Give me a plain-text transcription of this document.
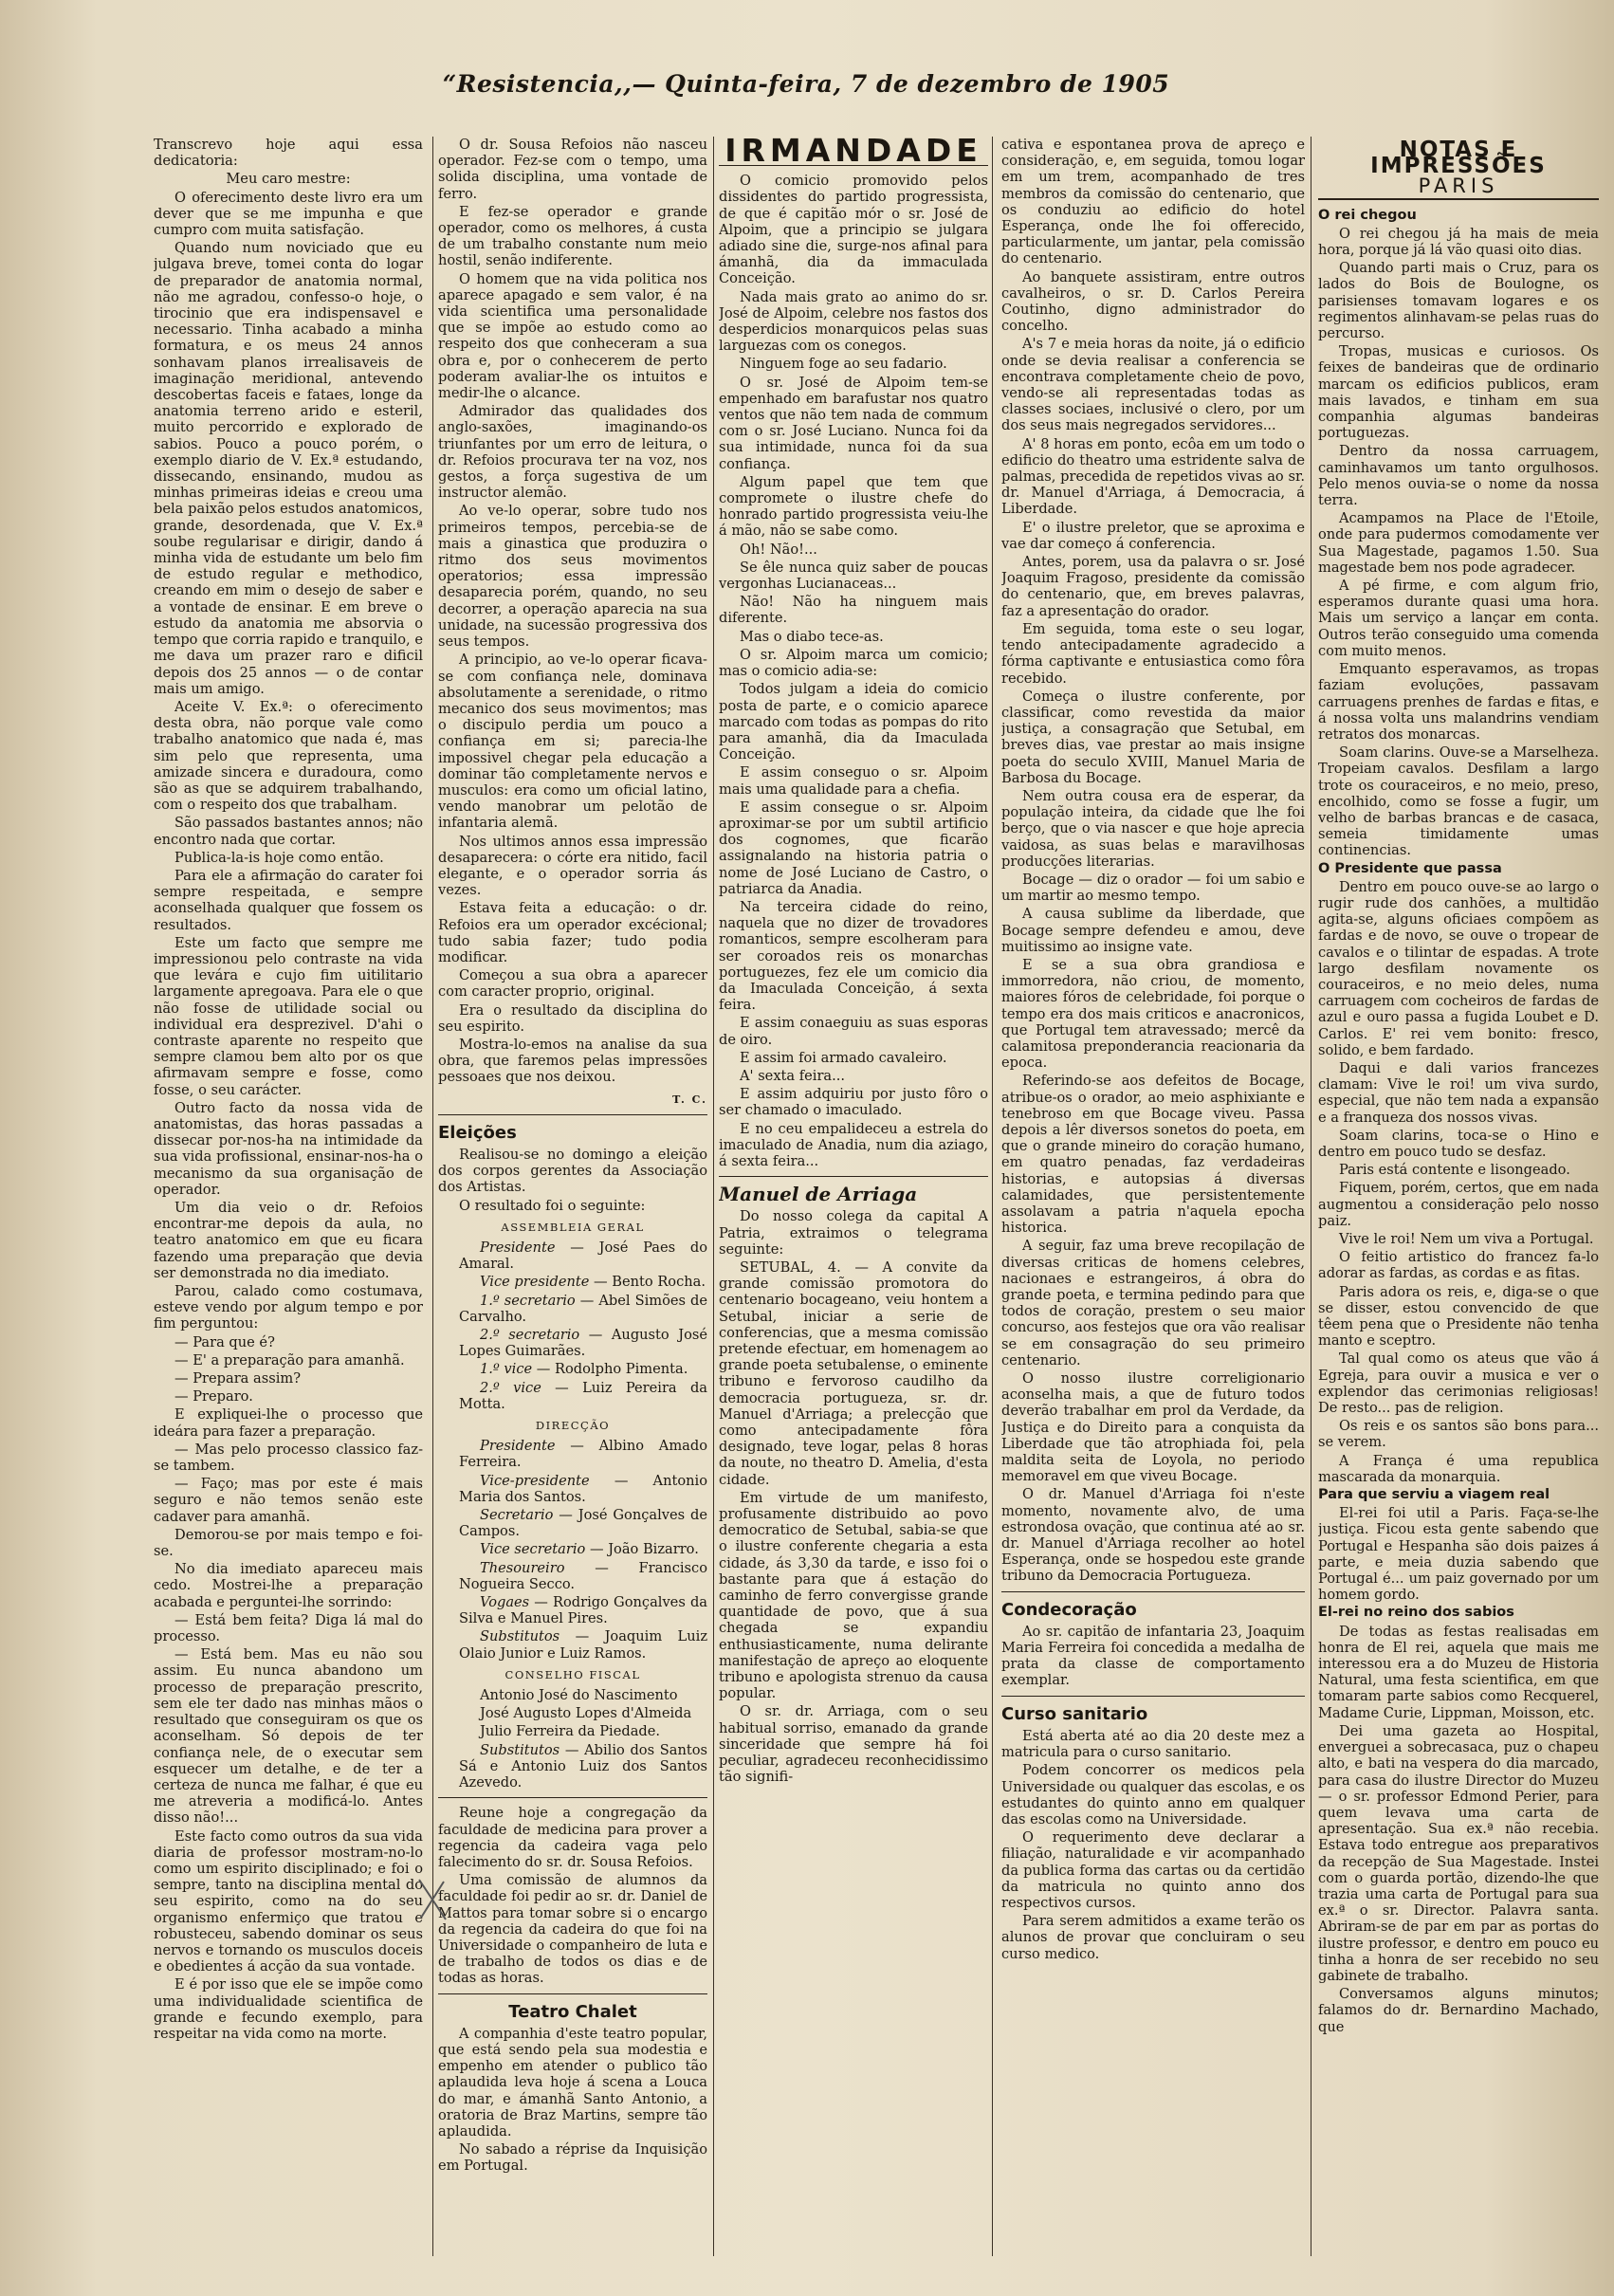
“Resistencia,,— Quinta-feira, 7 de dezembro de 1905

Transcrevo hoje aqui essa dedicatoria:

Meu caro mestre:

O oferecimento deste livro era um dever que se me impunha e que cumpro com muita satisfação.

Quando num noviciado que eu julgava breve, tomei conta do logar de preparador de anatomia normal, não me agradou, confesso-o hoje, o tirocinio que era indispensavel e necessario. Tinha acabado a minha formatura, e os meus 24 annos sonhavam planos irrealisaveis de imaginação meridional, antevendo descobertas faceis e fataes, longe da anatomia terreno arido e esteril, muito percorrido e explorado de sabios. Pouco a pouco porém, o exemplo diario de V. Ex.ª estudando, dissecando, ensinando, mudou as minhas primeiras ideias e creou uma bela paixão pelos estudos anatomicos, grande, desordenada, que V. Ex.ª soube regularisar e dirigir, dando á minha vida de estudante um belo fim de estudo regular e methodico, creando em mim o desejo de saber e a vontade de ensinar. E em breve o estudo da anatomia me absorvia o tempo que corria rapido e tranquilo, e me dava um prazer raro e dificil depois dos 25 annos — o de contar mais um amigo.

Aceite V. Ex.ª: o oferecimento desta obra, não porque vale como trabalho anatomico que nada é, mas sim pelo que representa, uma amizade sincera e duradoura, como são as que se adquirem trabalhando, com o respeito dos que trabalham.

São passados bastantes annos; não encontro nada que cortar.

Publica-la-is hoje como então.

Para ele a afirmação do carater foi sempre respeitada, e sempre aconselhada qualquer que fossem os resultados.

Este um facto que sempre me impressionou pelo contraste na vida que levára e cujo fim uitilitario largamente apregoava. Para ele o que não fosse de utilidade social ou individual era desprezivel. D'ahi o contraste aparente no respeito que sempre clamou bem alto por os que afirmavam sempre e fosse, como fosse, o seu carácter.

Outro facto da nossa vida de anatomistas, das horas passadas a dissecar por-nos-ha na intimidade da sua vida profissional, ensinar-nos-ha o mecanismo da sua organisação de operador.

Um dia veio o dr. Refoios encontrar-me depois da aula, no teatro anatomico em que eu ficara fazendo uma preparação que devia ser demonstrada no dia imediato.

Parou, calado como costumava, esteve vendo por algum tempo e por fim perguntou:

— Para que é?

— E' a preparação para amanhã.

— Prepara assim?

— Preparo.

E expliquei-lhe o processo que ideára para fazer a preparação.

— Mas pelo processo classico faz-se tambem.

— Faço; mas por este é mais seguro e não temos senão este cadaver para amanhã.

Demorou-se por mais tempo e foi-se.

No dia imediato apareceu mais cedo. Mostrei-lhe a preparação acabada e perguntei-lhe sorrindo:

— Está bem feita? Diga lá mal do processo.

— Está bem. Mas eu não sou assim. Eu nunca abandono um processo de preparação prescrito, sem ele ter dado nas minhas mãos o resultado que conseguiram os que os aconselham. Só depois de ter confiança nele, de o executar sem esquecer um detalhe, e de ter a certeza de nunca me falhar, é que eu me atreveria a modificá-lo. Antes disso não!...

Este facto como outros da sua vida diaria de professor mostram-no-lo como um espirito disciplinado; e foi o sempre, tanto na disciplina mental do seu espirito, como na do seu organismo enfermiço que tratou e robusteceu, sabendo dominar os seus nervos e tornando os musculos doceis e obedientes á acção da sua vontade.

E é por isso que ele se impõe como uma individualidade scientifica de grande e fecundo exemplo, para respeitar na vida como na morte.

O dr. Sousa Refoios não nasceu operador. Fez-se com o tempo, uma solida disciplina, uma vontade de ferro.

E fez-se operador e grande operador, como os melhores, á custa de um trabalho constante num meio hostil, senão indiferente.

O homem que na vida politica nos aparece apagado e sem valor, é na vida scientifica uma personalidade que se impõe ao estudo como ao respeito dos que conheceram a sua obra e, por o conhecerem de perto poderam avaliar-lhe os intuitos e medir-lhe o alcance.

Admirador das qualidades dos anglo-saxões, imaginando-os triunfantes por um erro de leitura, o dr. Refoios procurava ter na voz, nos gestos, a força sugestiva de um instructor alemão.

Ao ve-lo operar, sobre tudo nos primeiros tempos, percebia-se de mais a ginastica que produzira o ritmo dos seus movimentos operatorios; essa impressão desaparecia porém, quando, no seu decorrer, a operação aparecia na sua unidade, na sucessão progressiva dos seus tempos.

A principio, ao ve-lo operar ficava-se com confiança nele, dominava absolutamente a serenidade, o ritmo mecanico dos seus movimentos; mas o discipulo perdia um pouco a confiança em si; parecia-lhe impossivel chegar pela educação a dominar tão completamente nervos e musculos: era como um oficial latino, vendo manobrar um pelotão de infantaria alemã.

Nos ultimos annos essa impressão desaparecera: o córte era nitido, facil elegante, e o operador sorria ás vezes.

Estava feita a educação: o dr. Refoios era um operador excécional; tudo sabia fazer; tudo podia modificar.

Começou a sua obra a aparecer com caracter proprio, original.

Era o resultado da disciplina do seu espirito.

Mostra-lo-emos na analise da sua obra, que faremos pelas impressões pessoaes que nos deixou.

T. C.

Eleições

Realisou-se no domingo a eleição dos corpos gerentes da Associação dos Artistas.

O resultado foi o seguinte:

ASSEMBLEIA GERAL

Presidente — José Paes do Amaral.

Vice presidente — Bento Rocha.

1.º secretario — Abel Simões de Carvalho.

2.º secretario — Augusto José Lopes Guimarães.

1.º vice — Rodolpho Pimenta.

2.º vice — Luiz Pereira da Motta.

DIRECÇÃO

Presidente — Albino Amado Ferreira.

Vice-presidente — Antonio Maria dos Santos.

Secretario — José Gonçalves de Campos.

Vice secretario — João Bizarro.

Thesoureiro — Francisco Nogueira Secco.

Vogaes — Rodrigo Gonçalves da Silva e Manuel Pires.

Substitutos — Joaquim Luiz Olaio Junior e Luiz Ramos.

CONSELHO FISCAL

Antonio José do Nascimento

José Augusto Lopes d'Almeida

Julio Ferreira da Piedade.

Substitutos — Abilio dos Santos Sá e Antonio Luiz dos Santos Azevedo.

Reune hoje a congregação da faculdade de medicina para prover a regencia da cadeira vaga pelo falecimento do sr. dr. Sousa Refoios.

Uma comissão de alumnos da faculdade foi pedir ao sr. dr. Daniel de Mattos para tomar sobre si o encargo da regencia da cadeira do que foi na Universidade o companheiro de luta e de trabalho de todos os dias e de todas as horas.

Teatro Chalet

A companhia d'este teatro popular, que está sendo pela sua modestia e empenho em atender o publico tão aplaudida leva hoje á scena a Louca do mar, e ámanhã Santo Antonio, a oratoria de Braz Martins, sempre tão aplaudida.

No sabado a réprise da Inquisição em Portugal.

IRMANDADE

O comicio promovido pelos dissidentes do partido progressista, de que é capitão mór o sr. José de Alpoim, que a principio se julgara adiado sine die, surge-nos afinal para ámanhã, dia da immaculada Conceição.

Nada mais grato ao animo do sr. José de Alpoim, celebre nos fastos dos desperdicios monarquicos pelas suas larguezas com os conegos.

Ninguem foge ao seu fadario.

O sr. José de Alpoim tem-se empenhado em barafustar nos quatro ventos que não tem nada de commum com o sr. José Luciano. Nunca foi da sua intimidade, nunca foi da sua confiança.

Algum papel que tem que compromete o ilustre chefe do honrado partido progressista veiu-lhe á mão, não se sabe como.

Oh! Não!...

Se êle nunca quiz saber de poucas vergonhas Lucianaceas...

Não! Não ha ninguem mais diferente.

Mas o diabo tece-as.

O sr. Alpoim marca um comicio; mas o comicio adia-se:

Todos julgam a ideia do comicio posta de parte, e o comicio aparece marcado com todas as pompas do rito para amanhã, dia da Imaculada Conceição.

E assim conseguo o sr. Alpoim mais uma qualidade para a chefia.

E assim consegue o sr. Alpoim aproximar-se por um subtil artificio dos cognomes, que ficarão assignalando na historia patria o nome de José Luciano de Castro, o patriarca da Anadia.

Na terceira cidade do reino, naquela que no dizer de trovadores romanticos, sempre escolheram para ser coroados reis os monarchas portuguezes, fez ele um comicio dia da Imaculada Conceição, á sexta feira.

E assim conaeguiu as suas esporas de oiro.

E assim foi armado cavaleiro.

A' sexta feira...

E assim adquiriu por justo fôro o ser chamado o imaculado.

E no ceu empalideceu a estrela do imaculado de Anadia, num dia aziago, á sexta feira...

Manuel de Arriaga

Do nosso colega da capital A Patria, extraimos o telegrama seguinte:

SETUBAL, 4. — A convite da grande comissão promotora do centenario bocageano, veiu hontem a Setubal, iniciar a serie de conferencias, que a mesma comissão pretende efectuar, em homenagem ao grande poeta setubalense, o eminente tribuno e fervoroso caudilho da democracia portugueza, sr. dr. Manuel d'Arriaga; a prelecção que como antecipadamente fôra designado, teve logar, pelas 8 horas da noute, no theatro D. Amelia, d'esta cidade.

Em virtude de um manifesto, profusamente distribuido ao povo democratico de Setubal, sabia-se que o ilustre conferente chegaria a esta cidade, ás 3,30 da tarde, e isso foi o bastante para que á estação do caminho de ferro convergisse grande quantidade de povo, que á sua chegada se expandiu enthusiasticamente, numa delirante manifestação de apreço ao eloquente tribuno e apologista strenuo da causa popular.

O sr. dr. Arriaga, com o seu habitual sorriso, emanado da grande sinceridade que sempre há foi peculiar, agradeceu reconhecidissimo tão signifi-

cativa e espontanea prova de apreço e consideração, e, em seguida, tomou logar em um trem, acompanhado de tres membros da comissão do centenario, que os conduziu ao edificio do hotel Esperança, onde lhe foi offerecido, particularmente, um jantar, pela comissão do centenario.

Ao banquete assistiram, entre outros cavalheiros, o sr. D. Carlos Pereira Coutinho, digno administrador do concelho.

A's 7 e meia horas da noite, já o edificio onde se devia realisar a conferencia se encontrava completamente cheio de povo, vendo-se ali representadas todas as classes sociaes, inclusivé o clero, por um dos seus mais negregados servidores...

A' 8 horas em ponto, ecôa em um todo o edificio do theatro uma estridente salva de palmas, precedida de repetidos vivas ao sr. dr. Manuel d'Arriaga, á Democracia, á Liberdade.

E' o ilustre preletor, que se aproxima e vae dar começo á conferencia.

Antes, porem, usa da palavra o sr. José Joaquim Fragoso, presidente da comissão do centenario, que, em breves palavras, faz a apresentação do orador.

Em seguida, toma este o seu logar, tendo antecipadamente agradecido a fórma captivante e entusiastica como fôra recebido.

Começa o ilustre conferente, por classificar, como revestida da maior justiça, a consagração que Setubal, em breves dias, vae prestar ao mais insigne poeta do seculo XVIII, Manuel Maria de Barbosa du Bocage.

Nem outra cousa era de esperar, da população inteira, da cidade que lhe foi berço, que o via nascer e que hoje aprecia vaidosa, as suas belas e maravilhosas producções literarias.

Bocage — diz o orador — foi um sabio e um martir ao mesmo tempo.

A causa sublime da liberdade, que Bocage sempre defendeu e amou, deve muitissimo ao insigne vate.

E se a sua obra grandiosa e immorredora, não criou, de momento, maiores fóros de celebridade, foi porque o tempo era dos mais criticos e anacronicos, que Portugal tem atravessado; mercê da calamitosa preponderancia reacionaria da epoca.

Referindo-se aos defeitos de Bocage, atribue-os o orador, ao meio asphixiante e tenebroso em que Bocage viveu. Passa depois a lêr diversos sonetos do poeta, em que o grande mineiro do coração humano, em quatro penadas, faz verdadeiras historias, e autopsias á diversas calamidades, que persistentemente assolavam a patria n'aquela epocha historica.

A seguir, faz uma breve recopilação de diversas criticas de homens celebres, nacionaes e estrangeiros, á obra do grande poeta, e termina pedindo para que todos de coração, prestem o seu maior concurso, aos festejos que ora vão realisar se em consagração do seu primeiro centenario.

O nosso ilustre correligionario aconselha mais, a que de futuro todos deverão trabalhar em prol da Verdade, da Justiça e do Direito para a conquista da Liberdade que tão atrophiada foi, pela maldita seita de Loyola, no periodo memoravel em que viveu Bocage.

O dr. Manuel d'Arriaga foi n'este momento, novamente alvo, de uma estrondosa ovação, que continua até ao sr. dr. Manuel d'Arriaga recolher ao hotel Esperança, onde se hospedou este grande tribuno da Democracia Portugueza.

Condecoração

Ao sr. capitão de infantaria 23, Joaquim Maria Ferreira foi concedida a medalha de prata da classe de comportamento exemplar.

Curso sanitario

Está aberta até ao dia 20 deste mez a matricula para o curso sanitario.

Podem concorrer os medicos pela Universidade ou qualquer das escolas, e os estudantes do quinto anno em qualquer das escolas como na Universidade.

O requerimento deve declarar a filiação, naturalidade e vir acompanhado da publica forma das cartas ou da certidão da matricula no quinto anno dos respectivos cursos.

Para serem admitidos a exame terão os alunos de provar que concluiram o seu curso medico.

NOTAS E IMPRESSÕES
PARIS

O rei chegou

O rei chegou já ha mais de meia hora, porque já lá vão quasi oito dias.

Quando parti mais o Cruz, para os lados do Bois de Boulogne, os parisienses tomavam logares e os regimentos alinhavam-se pelas ruas do percurso.

Tropas, musicas e curiosos. Os feixes de bandeiras que de ordinario marcam os edificios publicos, eram mais lavados, e tinham em sua companhia algumas bandeiras portuguezas.

Dentro da nossa carruagem, caminhavamos um tanto orgulhosos. Pelo menos ouvia-se o nome da nossa terra.

Acampamos na Place de l'Etoile, onde para pudermos comodamente ver Sua Magestade, pagamos 1.50. Sua magestade bem nos pode agradecer.

A pé firme, e com algum frio, esperamos durante quasi uma hora. Mais um serviço a lançar em conta. Outros terão conseguido uma comenda com muito menos.

Emquanto esperavamos, as tropas faziam evoluções, passavam carruagens prenhes de fardas e fitas, e á nossa volta uns malandrins vendiam retratos dos monarcas.

Soam clarins. Ouve-se a Marselheza. Tropeiam cavalos. Desfilam a largo trote os couraceiros, e no meio, preso, encolhido, como se fosse a fugir, um velho de barbas brancas e de casaca, semeia timidamente umas continencias.

O Presidente que passa

Dentro em pouco ouve-se ao largo o rugir rude dos canhões, a multidão agita-se, alguns oficiaes compõem as fardas e de novo, se ouve o tropear de cavalos e o tilintar de espadas. A trote largo desfilam novamente os couraceiros, e no meio deles, numa carruagem com cocheiros de fardas de azul e ouro passa a fugida Loubet e D. Carlos. E' rei vem bonito: fresco, solido, e bem fardado.

Daqui e dali varios francezes clamam: Vive le roi! um viva surdo, especial, que não tem nada a expansão e a franqueza dos nossos vivas.

Soam clarins, toca-se o Hino e dentro em pouco tudo se desfaz.

Paris está contente e lisongeado.

Fiquem, porém, certos, que em nada augmentou a consideração pelo nosso paiz.

Vive le roi! Nem um viva a Portugal.

O feitio artistico do francez fa-lo adorar as fardas, as cordas e as fitas.

Paris adora os reis, e, diga-se o que se disser, estou convencido de que têem pena que o Presidente não tenha manto e sceptro.

Tal qual como os ateus que vão á Egreja, para ouvir a musica e ver o explendor das cerimonias religiosas! De resto... pas de religion.

Os reis e os santos são bons para... se verem.

A França é uma republica mascarada da monarquia.

Para que serviu a viagem real

El-rei foi util a Paris. Faça-se-lhe justiça. Ficou esta gente sabendo que Portugal e Hespanha são dois paizes á parte, e meia duzia sabendo que Portugal é... um paiz governado por um homem gordo.

El-rei no reino dos sabios

De todas as festas realisadas em honra de El rei, aquela que mais me interessou era a do Muzeu de Historia Natural, uma festa scientifica, em que tomaram parte sabios como Recquerel, Madame Curie, Lippman, Moisson, etc.

Dei uma gazeta ao Hospital, enverguei a sobrecasaca, puz o chapeu alto, e bati na vespera do dia marcado, para casa do ilustre Director do Muzeu — o sr. professor Edmond Perier, para quem levava uma carta de apresentação. Sua ex.ª não recebia. Estava todo entregue aos preparativos da recepção de Sua Magestade. Instei com o guarda portão, dizendo-lhe que trazia uma carta de Portugal para sua ex.ª o sr. Director. Palavra santa. Abriram-se de par em par as portas do ilustre professor, e dentro em pouco eu tinha a honra de ser recebido no seu gabinete de trabalho.

Conversamos alguns minutos; falamos do dr. Bernardino Machado, que
